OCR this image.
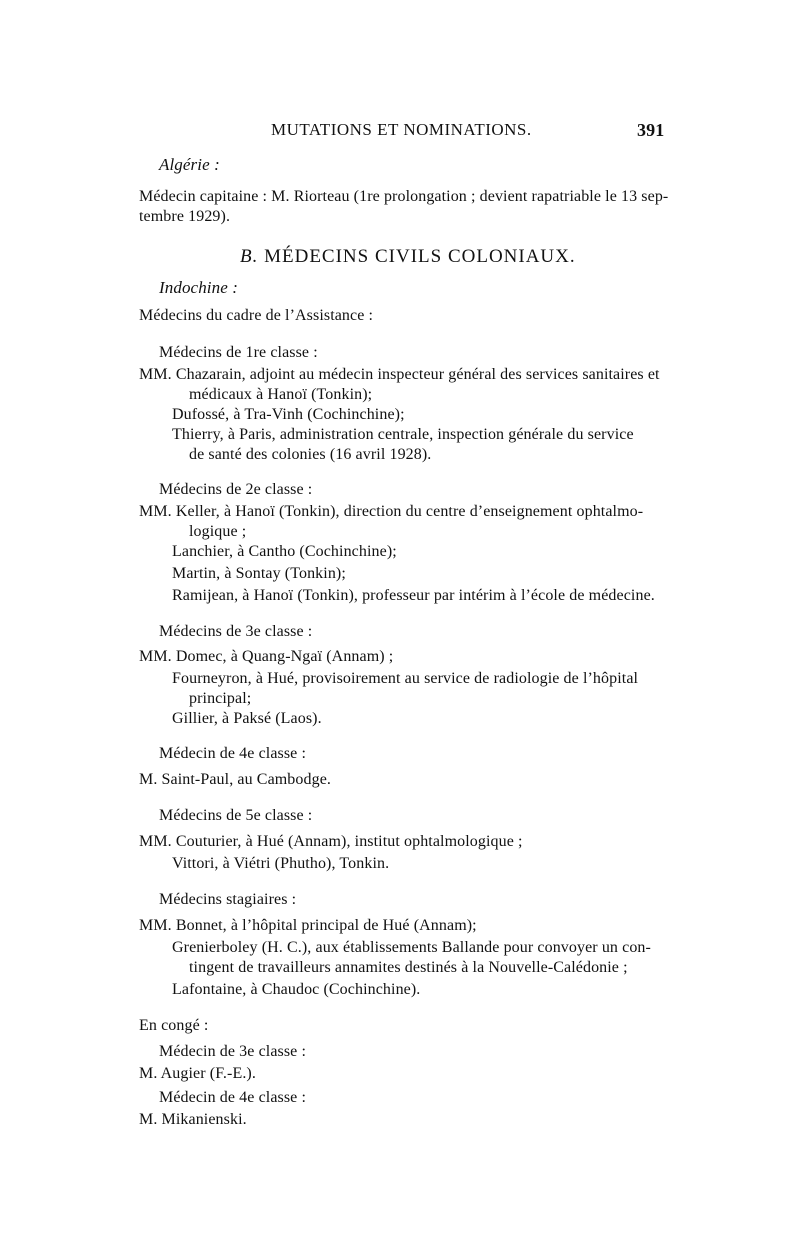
MUTATIONS ET NOMINATIONS.	391
Algérie :
Médecin capitaine : M. Riorteau (1re prolongation ; devient rapatriable le 13 sep-
tembre 1929).
B. MÉDECINS CIVILS COLONIAUX.
Indochine :
Médecins du cadre de l’Assistance :
Médecins de 1re classe :
MM. Chazarain, adjoint au médecin inspecteur général des services sanitaires et
médicaux à Hanoï (Tonkin);
Dufossé, à Tra-Vinh (Cochinchine);
Thierry, à Paris, administration centrale, inspection générale du service
de santé des colonies (16 avril 1928).
Médecins de 2e classe :
MM. Keller, à Hanoï (Tonkin), direction du centre d’enseignement ophtalmo-
logique ;
Lanchier, à Cantho (Cochinchine);
Martin, à Sontay (Tonkin);
Ramijean, à Hanoï (Tonkin), professeur par intérim à l’école de médecine.
Médecins de 3e classe :
MM. Domec, à Quang-Ngaï (Annam) ;
Fourneyron, à Hué, provisoirement au service de radiologie de l’hôpital
principal;
Gillier, à Paksé (Laos).
Médecin de 4e classe :
M. Saint-Paul, au Cambodge.
Médecins de 5e classe :
MM. Couturier, à Hué (Annam), institut ophtalmologique ;
Vittori, à Viétri (Phutho), Tonkin.
Médecins stagiaires :
MM. Bonnet, à l’hôpital principal de Hué (Annam);
Grenierboley (H. C.), aux établissements Ballande pour convoyer un con-
tingent de travailleurs annamites destinés à la Nouvelle-Calédonie ;
Lafontaine, à Chaudoc (Cochinchine).
En congé :
Médecin de 3e classe :
M. Augier (F.-E.).
Médecin de 4e classe :
M. Mikanienski.
